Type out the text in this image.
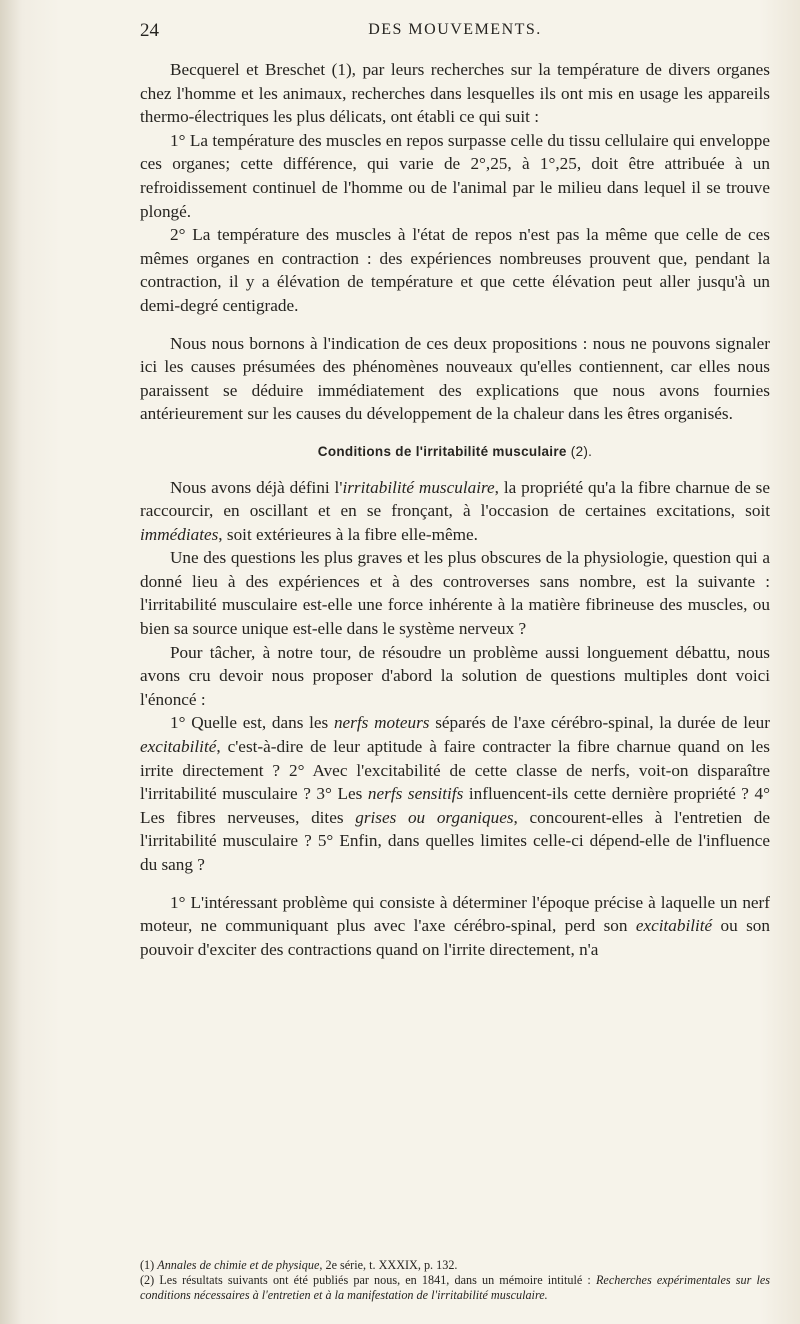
24	DES MOUVEMENTS.

Becquerel et Breschet (1), par leurs recherches sur la température de divers organes chez l'homme et les animaux, recherches dans lesquelles ils ont mis en usage les appareils thermo-électriques les plus délicats, ont établi ce qui suit :

1° La température des muscles en repos surpasse celle du tissu cellulaire qui enveloppe ces organes; cette différence, qui varie de 2°,25, à 1°,25, doit être attribuée à un refroidissement continuel de l'homme ou de l'animal par le milieu dans lequel il se trouve plongé.

2° La température des muscles à l'état de repos n'est pas la même que celle de ces mêmes organes en contraction : des expériences nombreuses prouvent que, pendant la contraction, il y a élévation de température et que cette élévation peut aller jusqu'à un demi-degré centigrade.

Nous nous bornons à l'indication de ces deux propositions : nous ne pouvons signaler ici les causes présumées des phénomènes nouveaux qu'elles contiennent, car elles nous paraissent se déduire immédiatement des explications que nous avons fournies antérieurement sur les causes du développement de la chaleur dans les êtres organisés.

Conditions de l'irritabilité musculaire (2).

Nous avons déjà défini l'irritabilité musculaire, la propriété qu'a la fibre charnue de se raccourcir, en oscillant et en se fronçant, à l'occasion de certaines excitations, soit immédiates, soit extérieures à la fibre elle-même.

Une des questions les plus graves et les plus obscures de la physiologie, question qui a donné lieu à des expériences et à des controverses sans nombre, est la suivante : l'irritabilité musculaire est-elle une force inhérente à la matière fibrineuse des muscles, ou bien sa source unique est-elle dans le système nerveux ?

Pour tâcher, à notre tour, de résoudre un problème aussi longuement débattu, nous avons cru devoir nous proposer d'abord la solution de questions multiples dont voici l'énoncé :

1° Quelle est, dans les nerfs moteurs séparés de l'axe cérébro-spinal, la durée de leur excitabilité, c'est-à-dire de leur aptitude à faire contracter la fibre charnue quand on les irrite directement ? 2° Avec l'excitabilité de cette classe de nerfs, voit-on disparaître l'irritabilité musculaire ? 3° Les nerfs sensitifs influencent-ils cette dernière propriété ? 4° Les fibres nerveuses, dites grises ou organiques, concourent-elles à l'entretien de l'irritabilité musculaire ? 5° Enfin, dans quelles limites celle-ci dépend-elle de l'influence du sang ?

1° L'intéressant problème qui consiste à déterminer l'époque précise à laquelle un nerf moteur, ne communiquant plus avec l'axe cérébro-spinal, perd son excitabilité ou son pouvoir d'exciter des contractions quand on l'irrite directement, n'a

(1) Annales de chimie et de physique, 2e série, t. XXXIX, p. 132.

(2) Les résultats suivants ont été publiés par nous, en 1841, dans un mémoire intitulé : Recherches expérimentales sur les conditions nécessaires à l'entretien et à la manifestation de l'irritabilité musculaire.
